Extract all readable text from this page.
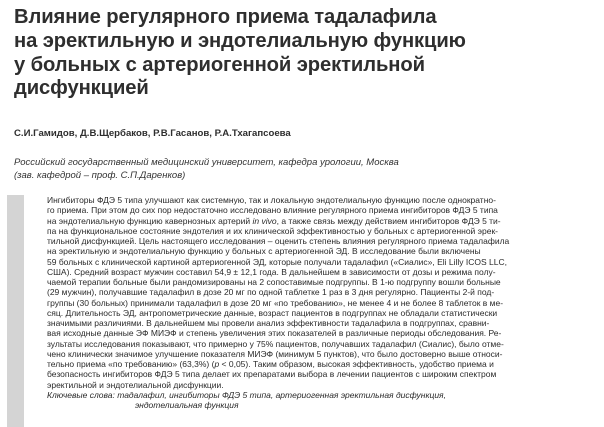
Влияние регулярного приема тадалафила
на эректильную и эндотелиальную функцию
у больных с артериогенной эректильной
дисфункцией
С.И.Гамидов, Д.В.Щербаков, Р.В.Гасанов, Р.А.Тхагапсоева
Российский государственный медицинский университет, кафедра урологии, Москва
(зав. кафедрой – проф. С.П.Даренков)
Ингибиторы ФДЭ 5 типа улучшают как системную, так и локальную эндотелиальную функцию после однократно-
го приема. При этом до сих пор недостаточно исследовано влияние регулярного приема ингибиторов ФДЭ 5 типа
на эндотелиальную функцию кавернозных артерий in vivo, а также связь между действием ингибиторов ФДЭ 5 ти-
па на функциональное состояние эндотелия и их клинической эффективностью у больных с артериогенной эрек-
тильной дисфункцией. Цель настоящего исследования – оценить степень влияния регулярного приема тадалафила
на эректильную и эндотелиальную функцию у больных с артериогенной ЭД. В исследование были включены
59 больных с клинической картиной артериогенной ЭД, которые получали тадалафил («Сиалис», Eli Lilly ICOS LLC,
США). Средний возраст мужчин составил 54,9 ± 12,1 года. В дальнейшем в зависимости от дозы и режима полу-
чаемой терапии больные были рандомизированы на 2 сопоставимые подгруппы. В 1-ю подгруппу вошли больные
(29 мужчин), получавшие тадалафил в дозе 20 мг по одной таблетке 1 раз в 3 дня регулярно. Пациенты 2-й под-
группы (30 больных) принимали тадалафил в дозе 20 мг «по требованию», не менее 4 и не более 8 таблеток в ме-
сяц. Длительность ЭД, антропометрические данные, возраст пациентов в подгруппах не обладали статистически
значимыми различиями. В дальнейшем мы провели анализ эффективности тадалафила в подгруппах, сравни-
вая исходные данные ЭФ МИЭФ и степень увеличения этих показателей в различные периоды обследования. Ре-
зультаты исследования показывают, что примерно у 75% пациентов, получавших тадалафил (Сиалис), было отме-
чено клинически значимое улучшение показателя МИЭФ (минимум 5 пунктов), что было достоверно выше относи-
тельно приема «по требованию» (63,3%) (p < 0,05). Таким образом, высокая эффективность, удобство приема и
безопасность ингибиторов ФДЭ 5 типа делает их препаратами выбора в лечении пациентов с широким спектром
эректильной и эндотелиальной дисфункции.
Ключевые слова: тадалафил, ингибиторы ФДЭ 5 типа, артериогенная эректильная дисфункция,
эндотелиальная функция
